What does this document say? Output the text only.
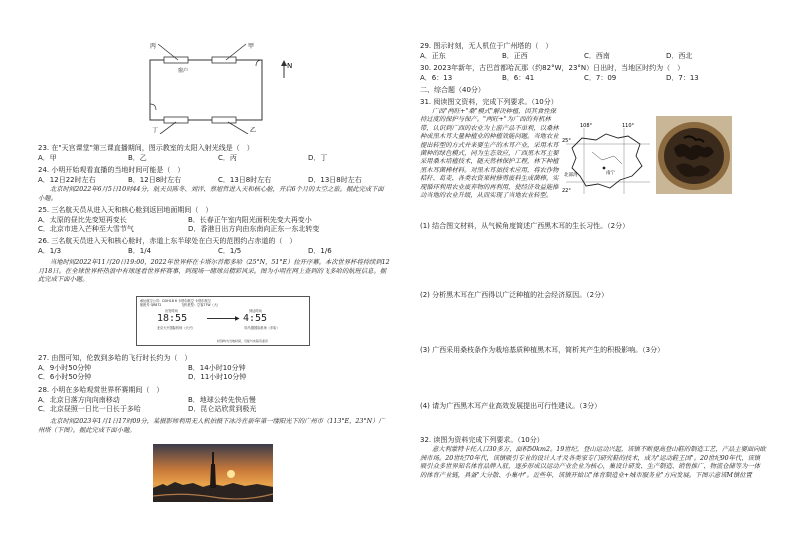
N
丙	甲
丁	乙
窗户
23. 在"天宫课堂"第三课直播期间，图示教室的太阳入射光线是（　）
A．甲	B．乙	C．丙	D．丁
24. 小明开始观看直播的当地时间可能是（　）
A．12日22时左右	B．12日8时左右	C．13日8时左右	D．13日8时左右
北京时间2022年6月5日10时44分，航天员陈冬、刘洋、蔡旭哲进入天和核心舱，开启6个月的太空之旅。据此完成下面小题。
25. 三名航天员从进入天和核心舱到返回地面期间（　）
A．太原的昼比先变短再变长	B．长春正午室内阳光面积先变大再变小
C．北京市进入芒种至大雪节气	D．香港日出方向由东南向正东一东北转变
26. 三名航天员进入天和核心舱时，赤道上东半球处在白天的范围约占赤道的（　）
A．1/3	B．1/4	C．1/5	D．1/6
当地时间2022年11月20日19:00，2022年世界杯在卡塔尔首都多哈（25°N，51°E）拉开序幕。本次世界杯将持续到12月18日。在全球世界杯热浪中有球迷看世界杯赛事，到现场一睹球员精彩风采。图为小明在网上查到的飞多哈的航班信息。据此完成下面小题。
承运航空公司：DOH1B 6 卡塔尔航空 卡塔尔航空
航班号 QR872	飞机机型：空客77W（大）
出发时间	到达时间
18:55	▶ 4:55
北京大兴国际机场（大兴）	哈马德国际机场（多哈）
时刻均为当地时间，可能与实际有差异
27. 由图可知，伦敦到多哈的飞行时长约为（　）
A．9小时50分钟	B．14小时10分钟
C．6小时50分钟	D．11小时10分钟
28. 小明在多哈观赏世界杯赛期间（　）
A．北京日落方向向南移动	B．地球公转先快后慢
C．北京昼照一日比一日长于多哈	D．昆仑站欣赏到极光
北京时间2023年1月1日17时09分，某摄影师利用无人机拍摄下冰冷在新年第一缕阳光下的广州市（113°E，23°N）广州塔（下图）。据此完成下面小题。
29. 图示时刻，无人机位于广州塔的（　）
A．正东	B．正西	C．西南	D．西北
30. 2023年新年，古巴首都哈瓦那（约82°W，23°N）日出时，当地区时约为（　）
A．6：13	B．6：41	C．7：09	D．7：13
二、综合题（40分）
31. 阅读图文资料，完成下列要求。（10分）
广西"两旺+"桑"模式"解决种植，因其食性保持过度的保护与保产。"两旺+"为广西的有机林带，认识到广西的农业为上游产品不单利，以桑林种成黑木耳大量种植业的种植效能问题。当地农业提出转型的方式并来要生产的木耳产业，采用木耳菌种的绿色模式，同为生态效应，广西黑木耳主要采用桑木培植技术，随天然林保护工程，林下种植黑木耳菌棒材料。对黑木耳加技术应用，将农作物秸秆、葛麦、各类农资果树修剪废料生成菌棒，实现循环利用农业废弃物的再利用，使经济效益能推动当地的农业升级，从而实现了当地农业转型。
108°	110°
25°
22°
北部湾	南宁
(1) 结合图文材料，从气候角度简述广西黑木耳的生长习性。（2分）
(2) 分析黑木耳在广西得以广泛种植的社会经济原因。（2分）
(3) 广西采用桑枝条作为栽培基质种植黑木耳，简析其产生的积极影响。（3分）
(4) 请为广西黑木耳产业高效发展提出可行性建议。（3分）
32. 读图为资料完成下列要求。（10分）
意大利蒙特卡托人口30多万，面积50km2。19世纪，登山运动兴起，该镇不断提高登山鞋的制造工艺，产品主要面向欧洲市场。20世纪70年代，该镇吸引专业的设计人才及各类家专门研究鞋的技术，成为"运动鞋王国"。20世纪90年代，该镇吸引众多世界知名体育品牌入驻，逐步形成以运动产业企业为核心，集设计研发、生产制造、销售推广、物流仓储等为一体的体育产业链，具备"大分散、小集中"。近些年，该镇开始以"体育制造业+城市服务业"方向发展。下图示意该M镇位置
